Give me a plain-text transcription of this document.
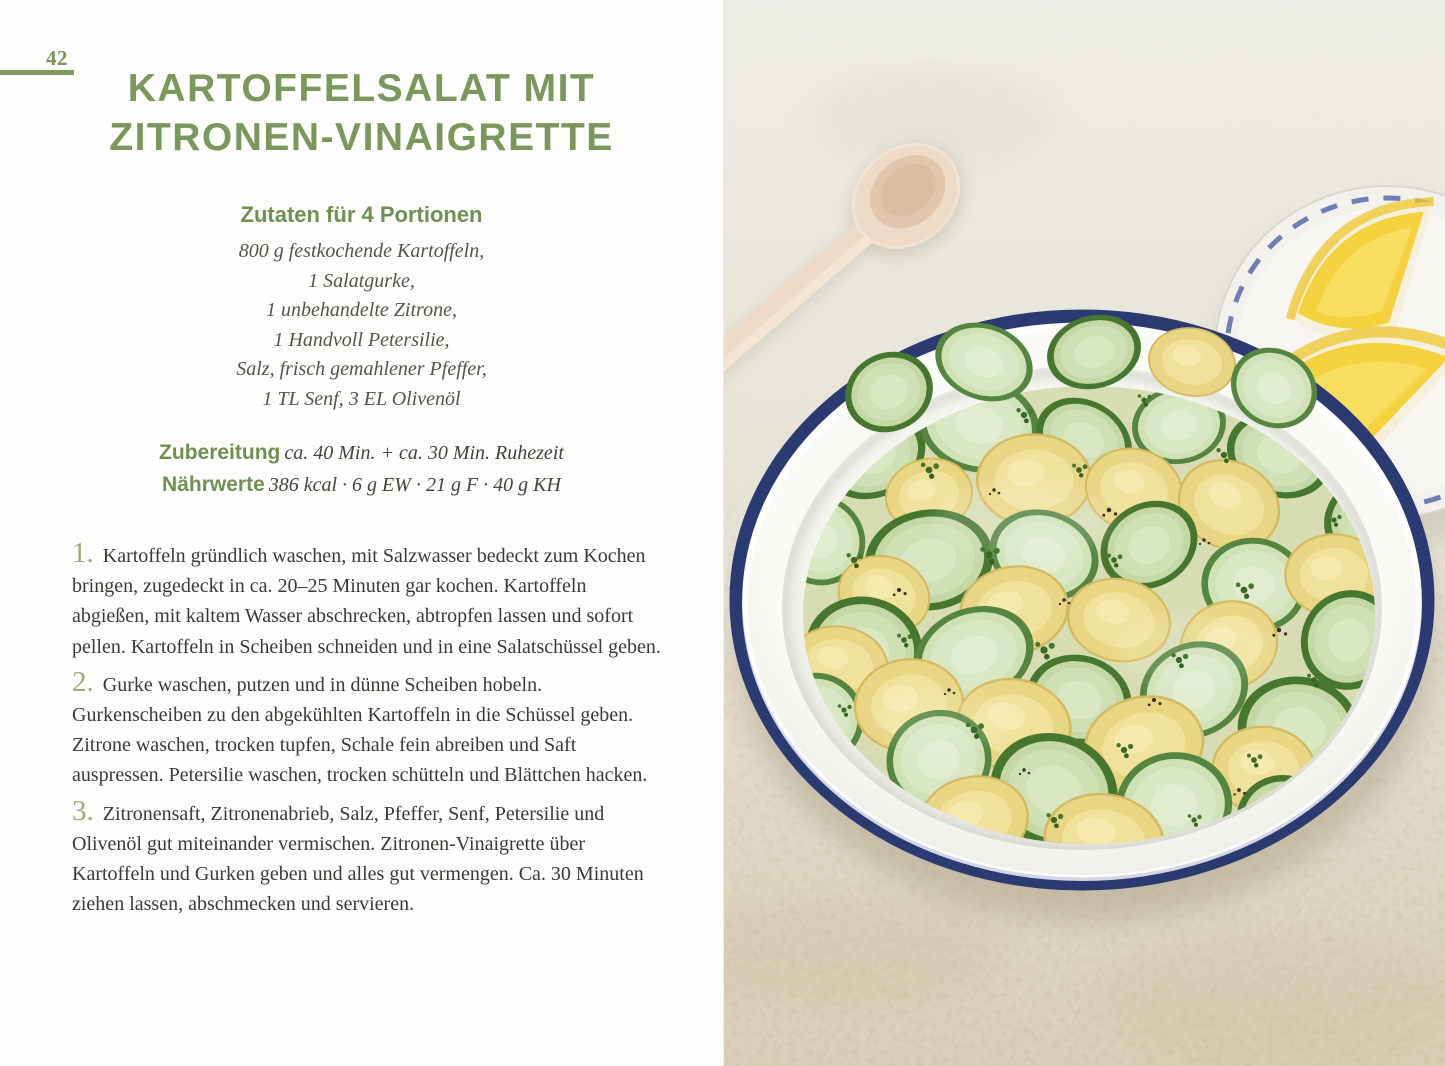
42
KARTOFFELSALAT MIT ZITRONEN-VINAIGRETTE
Zutaten für 4 Portionen
800 g festkochende Kartoffeln,
1 Salatgurke,
1 unbehandelte Zitrone,
1 Handvoll Petersilie,
Salz, frisch gemahlener Pfeffer,
1 TL Senf, 3 EL Olivenöl
Zubereitung ca. 40 Min. + ca. 30 Min. Ruhezeit
Nährwerte 386 kcal · 6 g EW · 21 g F · 40 g KH

1. Kartoffeln gründlich waschen, mit Salzwasser bedeckt zum Kochen bringen, zugedeckt in ca. 20–25 Minuten gar kochen. Kartoffeln abgießen, mit kaltem Wasser abschrecken, abtropfen lassen und sofort pellen. Kartoffeln in Scheiben schneiden und in eine Salatschüssel geben.

2. Gurke waschen, putzen und in dünne Scheiben hobeln. Gurkenscheiben zu den abgekühlten Kartoffeln in die Schüssel geben. Zitrone waschen, trocken tupfen, Schale fein abreiben und Saft auspressen. Petersilie waschen, trocken schütteln und Blättchen hacken.

3. Zitronensaft, Zitronenabrieb, Salz, Pfeffer, Senf, Petersilie und Olivenöl gut miteinander vermischen. Zitronen-Vinaigrette über Kartoffeln und Gurken geben und alles gut vermengen. Ca. 30 Minuten ziehen lassen, abschmecken und servieren.
